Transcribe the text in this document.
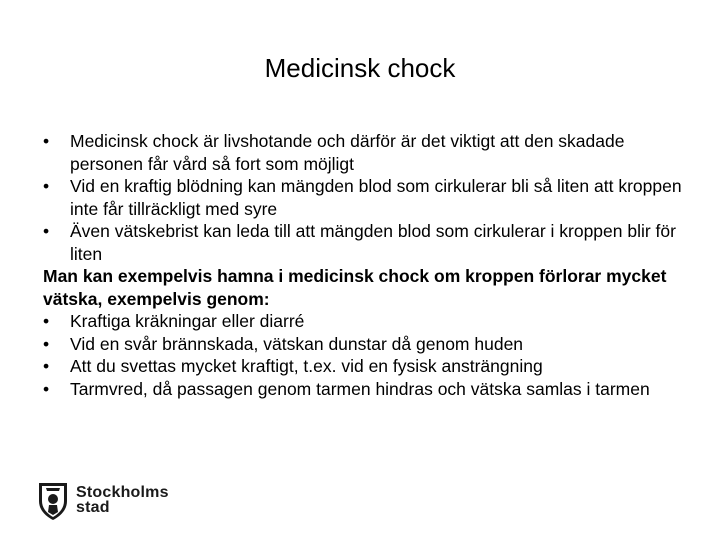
Medicinsk chock
•	Medicinsk chock är livshotande och därför är det viktigt att den skadade personen får vård så fort som möjligt
•	Vid en kraftig blödning kan mängden blod som cirkulerar bli så liten att kroppen inte får tillräckligt med syre
•	Även vätskebrist kan leda till att mängden blod som cirkulerar i kroppen blir för liten
Man kan exempelvis hamna i medicinsk chock om kroppen förlorar mycket vätska, exempelvis genom:
•	Kraftiga kräkningar eller diarré
•	Vid en svår brännskada, vätskan dunstar då genom huden
•	Att du svettas mycket kraftigt, t.ex. vid en fysisk ansträngning
•	Tarmvred, då passagen genom tarmen hindras och vätska samlas i tarmen
Stockholms
stad
